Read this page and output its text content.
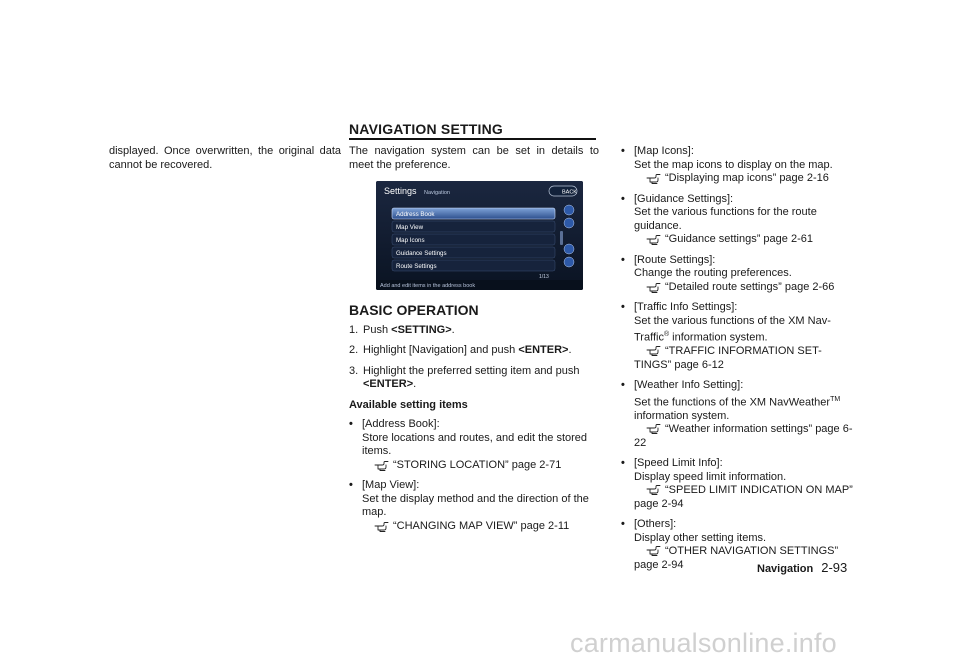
displayed. Once overwritten, the original data cannot be recovered.

NAVIGATION SETTING

The navigation system can be set in details to meet the preference.

Settings Navigation	BACK
Address Book
Map View
Map Icons
Guidance Settings
Route Settings
1/13
Add and edit items in the address book
BASIC OPERATION
1. Push <SETTING>.
2. Highlight [Navigation] and push <ENTER>.
3. Highlight the preferred setting item and push <ENTER>.
Available setting items
• [Address Book]:
Store locations and routes, and edit the stored items.
“STORING LOCATION” page 2-71
• [Map View]:
Set the display method and the direction of the map.
“CHANGING MAP VIEW” page 2-11
• [Map Icons]:
Set the map icons to display on the map.
“Displaying map icons” page 2-16
• [Guidance Settings]:
Set the various functions for the route guidance.
“Guidance settings” page 2-61
• [Route Settings]:
Change the routing preferences.
“Detailed route settings” page 2-66
• [Traffic Info Settings]:
Set the various functions of the XM Nav-Traffic® information system.
“TRAFFIC INFORMATION SET-TINGS” page 6-12
• [Weather Info Setting]:
Set the functions of the XM NavWeather™ information system.
“Weather information settings” page 6-22
• [Speed Limit Info]:
Display speed limit information.
“SPEED LIMIT INDICATION ON MAP” page 2-94
• [Others]:
Display other setting items.
“OTHER NAVIGATION SETTINGS” page 2-94	Navigation 2-93
carmanualsonline.info
